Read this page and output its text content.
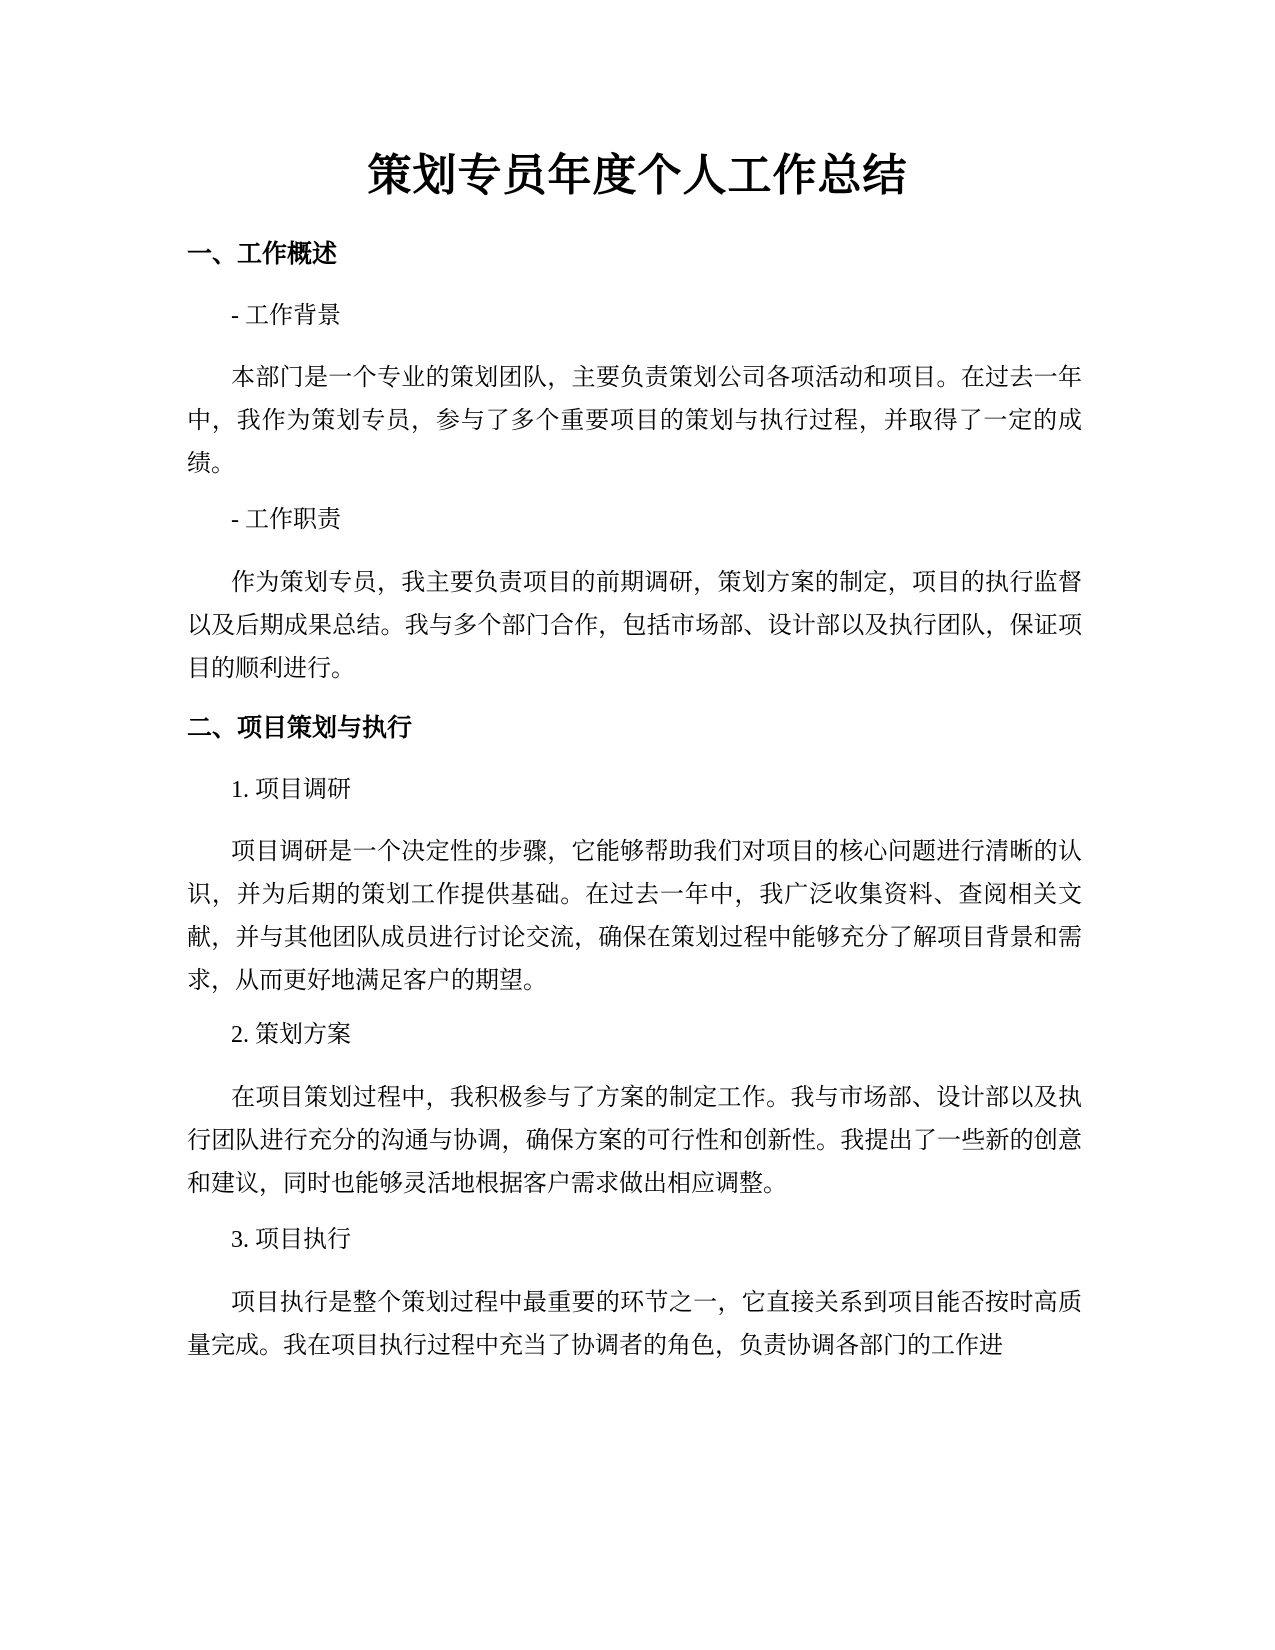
策划专员年度个人工作总结
一、工作概述
- 工作背景

本部门是一个专业的策划团队，主要负责策划公司各项活动和项目。在过去一年中，我作为策划专员，参与了多个重要项目的策划与执行过程，并取得了一定的成绩。

- 工作职责

作为策划专员，我主要负责项目的前期调研，策划方案的制定，项目的执行监督以及后期成果总结。我与多个部门合作，包括市场部、设计部以及执行团队，保证项目的顺利进行。

二、项目策划与执行
1. 项目调研

项目调研是一个决定性的步骤，它能够帮助我们对项目的核心问题进行清晰的认识，并为后期的策划工作提供基础。在过去一年中，我广泛收集资料、查阅相关文献，并与其他团队成员进行讨论交流，确保在策划过程中能够充分了解项目背景和需求，从而更好地满足客户的期望。

2. 策划方案

在项目策划过程中，我积极参与了方案的制定工作。我与市场部、设计部以及执行团队进行充分的沟通与协调，确保方案的可行性和创新性。我提出了一些新的创意和建议，同时也能够灵活地根据客户需求做出相应调整。

3. 项目执行

项目执行是整个策划过程中最重要的环节之一，它直接关系到项目能否按时高质量完成。我在项目执行过程中充当了协调者的角色，负责协调各部门的工作进
